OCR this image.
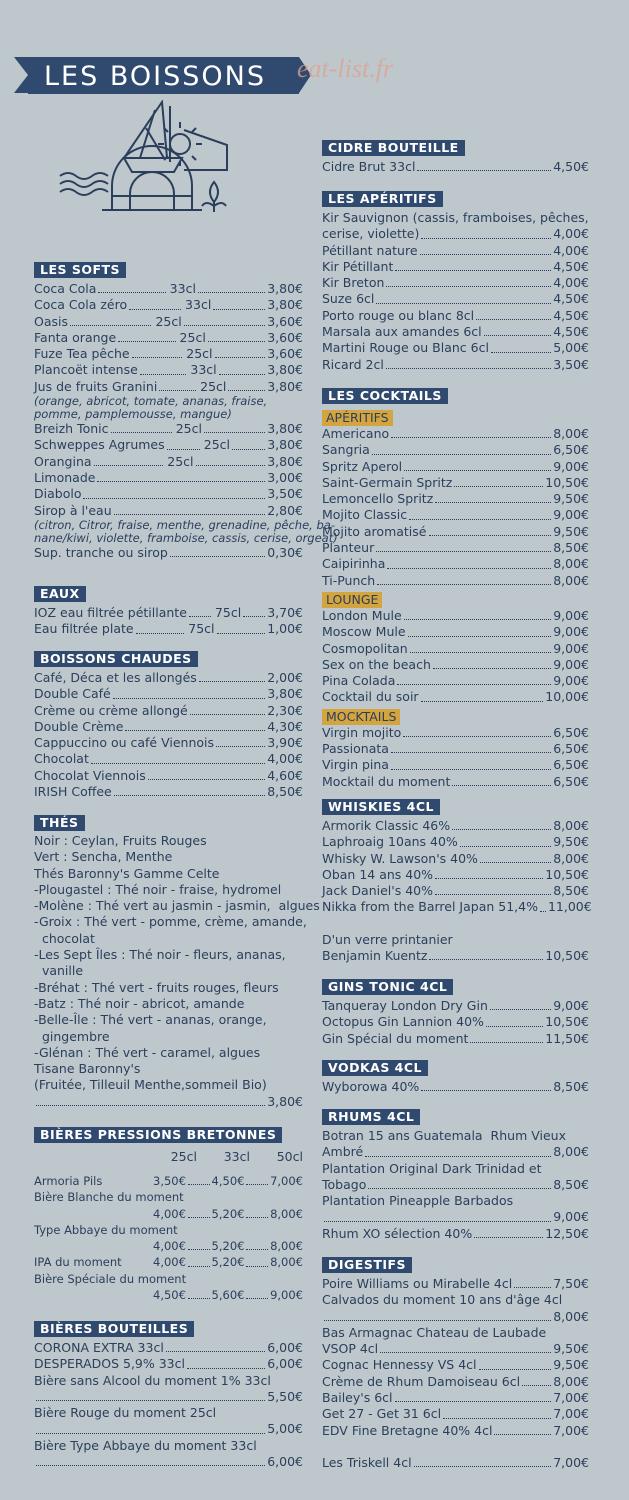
LES BOISSONS eat-list.fr
LES SOFTS
Coca Cola	33cl	3,80€
Coca Cola zéro	33cl	3,80€
Oasis	25cl	3,60€
Fanta orange	25cl	3,60€
Fuze Tea pêche	25cl	3,60€
Plancoët intense	33cl	3,80€
Jus de fruits Granini	25cl	3,80€
(orange, abricot, tomate, ananas, fraise,
pomme, pamplemousse, mangue)
Breizh Tonic	25cl	3,80€
Schweppes Agrumes	25cl	3,80€
Orangina	25cl	3,80€
Limonade	3,00€
Diabolo	3,50€
Sirop à l'eau	2,80€
(citron, Citror, fraise, menthe, grenadine, pêche, ba-
nane/kiwi, violette, framboise, cassis, cerise, orgeat)
Sup. tranche ou sirop	0,30€
EAUX
IOZ eau filtrée pétillante 75cl 3,70€
Eau filtrée plate	75cl	1,00€
BOISSONS CHAUDES
Café, Déca et les allongés	2,00€
Double Café	3,80€
Crème ou crème allongé	2,30€
Double Crème	4,30€
Cappuccino ou café Viennois	3,90€
Chocolat	4,00€
Chocolat Viennois	4,60€
IRISH Coffee	8,50€
THÉS
Noir : Ceylan, Fruits Rouges
Vert : Sencha, Menthe
Thés Baronny's Gamme Celte
-Plougastel : Thé noir - fraise, hydromel
-Molène : Thé vert au jasmin - jasmin,  algues
-Groix : Thé vert - pomme, crème, amande,
chocolat
-Les Sept Îles : Thé noir - fleurs, ananas,
vanille
-Bréhat : Thé vert - fruits rouges, fleurs
-Batz : Thé noir - abricot, amande
-Belle-Île : Thé vert - ananas, orange,
gingembre
-Glénan : Thé vert - caramel, algues
Tisane Baronny's
(Fruitée, Tilleuil Menthe,sommeil Bio)
3,80€
BIÈRES PRESSIONS BRETONNES
25cl	33cl	50cl
Armoria Pils	3,50€ 4,50€ 7,00€
Bière Blanche du moment
4,00€ 5,20€ 8,00€
Type Abbaye du moment
4,00€ 5,20€ 8,00€
IPA du moment	4,00€ 5,20€ 8,00€
Bière Spéciale du moment
4,50€ 5,60€ 9,00€
BIÈRES BOUTEILLES
CORONA EXTRA 33cl	6,00€
DESPERADOS 5,9% 33cl	6,00€
Bière sans Alcool du moment 1% 33cl
5,50€
Bière Rouge du moment 25cl
5,00€
Bière Type Abbaye du moment 33cl
6,00€
CIDRE BOUTEILLE
Cidre Brut 33cl	4,50€
LES APÉRITIFS
Kir Sauvignon (cassis, framboises, pêches,
cerise, violette)	4,00€
Pétillant nature	4,00€
Kir Pétillant	4,50€
Kir Breton	4,00€
Suze 6cl	4,50€
Porto rouge ou blanc 8cl	4,50€
Marsala aux amandes 6cl	4,50€
Martini Rouge ou Blanc 6cl	5,00€
Ricard 2cl	3,50€
LES COCKTAILS
APÉRITIFS
Americano	8,00€
Sangria	6,50€
Spritz Aperol	9,00€
Saint-Germain Spritz	10,50€
Lemoncello Spritz	9,50€
Mojito Classic	9,00€
Mojito aromatisé	9,50€
Planteur	8,50€
Caipirinha	8,00€
Ti-Punch	8,00€
LOUNGE
London Mule	9,00€
Moscow Mule	9,00€
Cosmopolitan	9,00€
Sex on the beach	9,00€
Pina Colada	9,00€
Cocktail du soir	10,00€
MOCKTAILS
Virgin mojito	6,50€
Passionata	6,50€
Virgin pina	6,50€
Mocktail du moment	6,50€
WHISKIES 4CL
Armorik Classic 46%	8,00€
Laphroaig 10ans 40%	9,50€
Whisky W. Lawson's 40%	8,00€
Oban 14 ans 40%	10,50€
Jack Daniel's 40%	8,50€
Nikka from the Barrel Japan 51,4% 11,00€
D'un verre printanier
Benjamin Kuentz	10,50€
GINS TONIC 4CL
Tanqueray London Dry Gin	9,00€
Octopus Gin Lannion 40%	10,50€
Gin Spécial du moment	11,50€
VODKAS 4CL
Wyborowa 40%	8,50€
RHUMS 4CL
Botran 15 ans Guatemala  Rhum Vieux
Ambré	8,00€
Plantation Original Dark Trinidad et
Tobago	8,50€
Plantation Pineapple Barbados
9,00€
Rhum XO sélection 40%	12,50€
DIGESTIFS
Poire Williams ou Mirabelle 4cl	7,50€
Calvados du moment 10 ans d'âge 4cl
8,00€
Bas Armagnac Chateau de Laubade
VSOP 4cl	9,50€
Cognac Hennessy VS 4cl	9,50€
Crème de Rhum Damoiseau 6cl	8,00€
Bailey's 6cl	7,00€
Get 27 - Get 31 6cl	7,00€
EDV Fine Bretagne 40% 4cl	7,00€
Les Triskell 4cl	7,00€
